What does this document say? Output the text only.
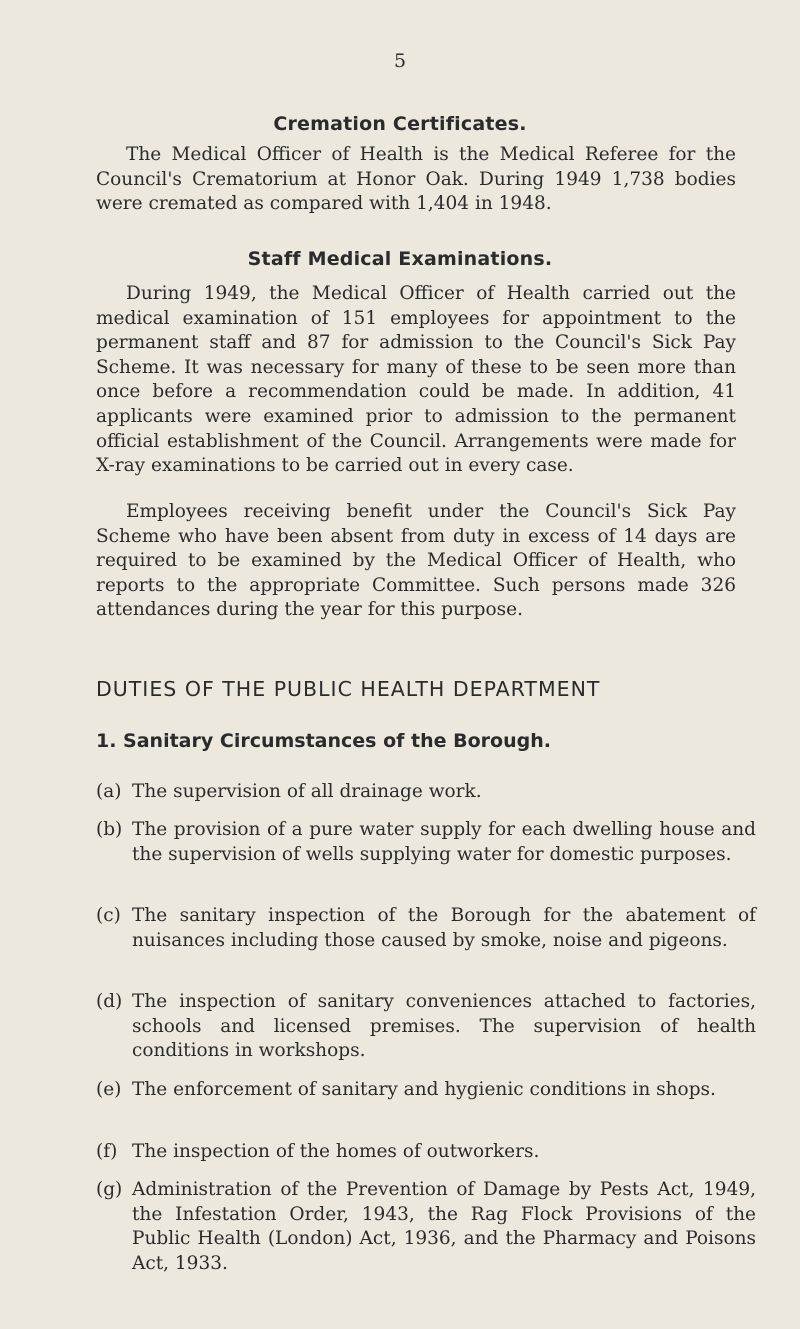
5
Cremation Certificates.

The Medical Officer of Health is the Medical Referee for the Council's Crematorium at Honor Oak. During 1949 1,738 bodies were cremated as compared with 1,404 in 1948.

Staff Medical Examinations.

During 1949, the Medical Officer of Health carried out the medical examination of 151 employees for appointment to the permanent staff and 87 for admission to the Council's Sick Pay Scheme. It was necessary for many of these to be seen more than once before a recommendation could be made. In addition, 41 applicants were examined prior to admission to the permanent official establishment of the Council. Arrangements were made for X-ray examinations to be carried out in every case.

Employees receiving benefit under the Council's Sick Pay Scheme who have been absent from duty in excess of 14 days are required to be examined by the Medical Officer of Health, who reports to the appropriate Committee. Such persons made 326 attendances during the year for this purpose.

DUTIES OF THE PUBLIC HEALTH DEPARTMENT
1. Sanitary Circumstances of the Borough.
(a) The supervision of all drainage work.
(b) The provision of a pure water supply for each dwelling house and the supervision of wells supplying water for domestic purposes.
(c) The sanitary inspection of the Borough for the abatement of nuisances including those caused by smoke, noise and pigeons.
(d) The inspection of sanitary conveniences attached to factories, schools and licensed premises. The supervision of health conditions in workshops.
(e) The enforcement of sanitary and hygienic conditions in shops.
(f) The inspection of the homes of outworkers.
(g) Administration of the Prevention of Damage by Pests Act, 1949, the Infestation Order, 1943, the Rag Flock Provisions of the Public Health (London) Act, 1936, and the Pharmacy and Poisons Act, 1933.
